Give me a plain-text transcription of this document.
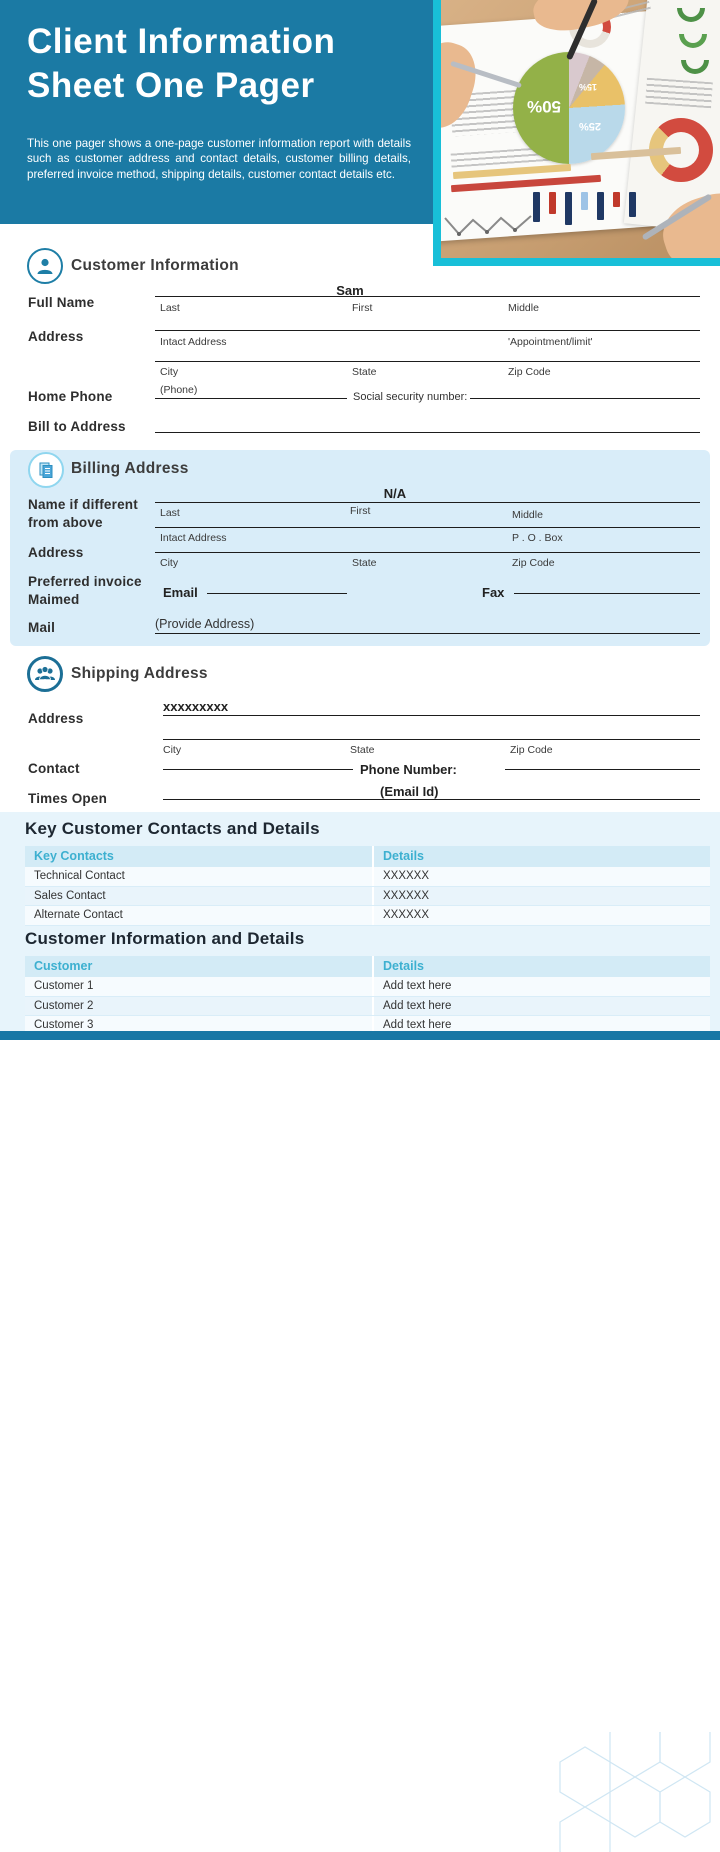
Client Information
Sheet One Pager
This one pager shows a one-page customer information report with details such as customer address and contact details, customer billing details, preferred invoice method, shipping details, customer contact details etc.
50%
25%
15%
Customer Information
Full Name
Sam
Last	First	Middle
Address	Intact Address	'Appointment/limit'
City	State	Zip Code
Home Phone	(Phone)
Social security number:
Bill to Address
Billing Address
Name if different
from above
N/A
Last	First	Middle
Intact Address	P . O . Box
Address
City	State	Zip Code
Preferred invoice
Maimed	Email	Fax
Mail	(Provide Address)
Shipping Address
Address
xxxxxxxxx
City	State	Zip Code
Contact	Phone Number:
Times Open	(Email Id)
Key Customer Contacts and Details
Key Contacts	Details
Technical Contact	XXXXXX
Sales Contact	XXXXXX
Alternate Contact	XXXXXX
Customer Information and Details
Customer	Details
Customer 1	Add text here
Customer 2	Add text here
Customer 3	Add text here
